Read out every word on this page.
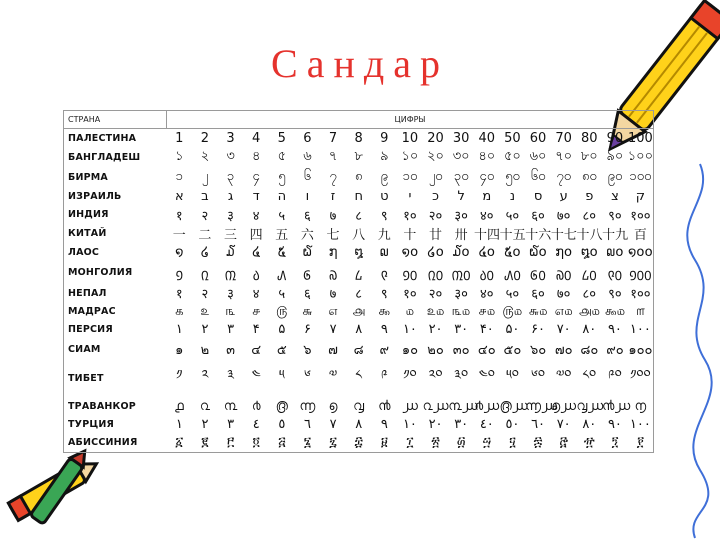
Сандар
СТРАНА	ЦИФРЫ																		
ПАЛЕСТИНА	1	2	3	4	5	6	7	8	9	10	20	30	40	50	60	70	80	90	100
БАНГЛАДЕШ	১	২	৩	৪	৫	৬	৭	৮	৯	১০	২০	৩০	৪০	৫০	৬০	৭০	৮০	৯০	১০০
БИРМА	၁	၂	၃	၄	၅	၆	၇	၈	၉	၁၀	၂၀	၃၀	၄၀	၅၀	၆၀	၇၀	၈၀	၉၀	၁၀၀
ИЗРАИЛЬ	א	ב	ג	ד	ה	ו	ז	ח	ט	י	כ	ל	מ	נ	ס	ע	פ	צ	ק
ИНДИЯ	१	२	३	४	५	६	७	८	९	१०	२०	३०	४०	५०	६०	७०	८०	९०	१००
КИТАЙ	一	二	三	四	五	六	七	八	九	十	廿	卅	十四	十五	十六	十七	十八	十九	百
ЛАОС	໑	໒	໓	໔	໕	໖	໗	໘	໙	໑໐	໒໐	໓໐	໔໐	໕໐	໖໐	໗໐	໘໐	໙໐	໑໐໐
МОНГОЛИЯ	᠑	᠒	᠓	᠔	᠕	᠖	᠗	᠘	᠙	᠑᠐	᠒᠐	᠓᠐	᠔᠐	᠕᠐	᠖᠐	᠗᠐	᠘᠐	᠙᠐	᠑᠐᠐
НЕПАЛ	१	२	३	४	५	६	७	८	९	१०	२०	३०	४०	५०	६०	७०	८०	९०	१००
МАДРАС	௧	௨	௩	௪	௫	௬	௭	௮	௯	௰	௨௰	௩௰	௪௰	௫௰	௬௰	௭௰	௮௰	௯௰	௱
ПЕРСИЯ	۱	۲	۳	۴	۵	۶	۷	۸	۹	۱۰	۲۰	۳۰	۴۰	۵۰	۶۰	۷۰	۸۰	۹۰	۱۰۰
СИАМ	๑	๒	๓	๔	๕	๖	๗	๘	๙	๑๐	๒๐	๓๐	๔๐	๕๐	๖๐	๗๐	๘๐	๙๐	๑๐๐
ТИБЕТ	༡	༢	༣	༤	༥	༦	༧	༨	༩	༡༠	༢༠	༣༠	༤༠	༥༠	༦༠	༧༠	༨༠	༩༠	༡༠༠
ТРАВАНКОР	൧	൨	൩	൪	൫	൬	൭	൮	൯	൰	൨൰	൩൰	൪൰	൫൰	൬൰	൭൰	൮൰	൯൰	൱
ТУРЦИЯ	١	٢	٣	٤	٥	٦	٧	٨	٩	١٠	٢٠	٣٠	٤٠	٥٠	٦٠	٧٠	٨٠	٩٠	١٠٠
АБИССИНИЯ	፩	፪	፫	፬	፭	፮	፯	፰	፱	፲	፳	፴	፵	፶	፷	፸	፹	፺	፻
